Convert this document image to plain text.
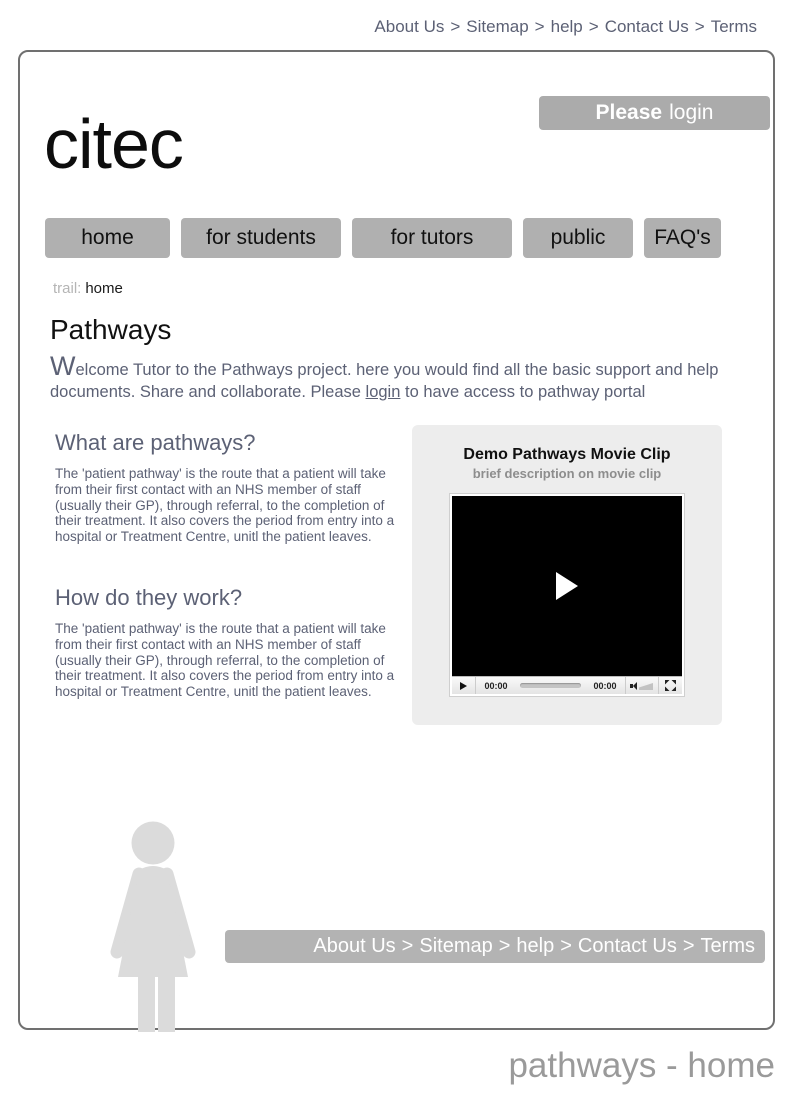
About Us > Sitemap > help > Contact Us > Terms
Please login
citec
home	for students	for tutors	public	FAQ's
trail: home
Pathways

Welcome Tutor to the Pathways project. here you would find all the basic support and help documents. Share and collaborate. Please login to have access to pathway portal

What are pathways?

The 'patient pathway' is the route that a patient will take from their first contact with an NHS member of staff (usually their GP), through referral, to the completion of their treatment. It also covers the period from entry into a hospital or Treatment Centre, unitl the patient leaves.

How do they work?

The 'patient pathway' is the route that a patient will take from their first contact with an NHS member of staff (usually their GP), through referral, to the completion of their treatment. It also covers the period from entry into a hospital or Treatment Centre, unitl the patient leaves.

Demo Pathways Movie Clip
brief description on movie clip
00:00	00:00
About Us > Sitemap > help > Contact Us > Terms
pathways - home
